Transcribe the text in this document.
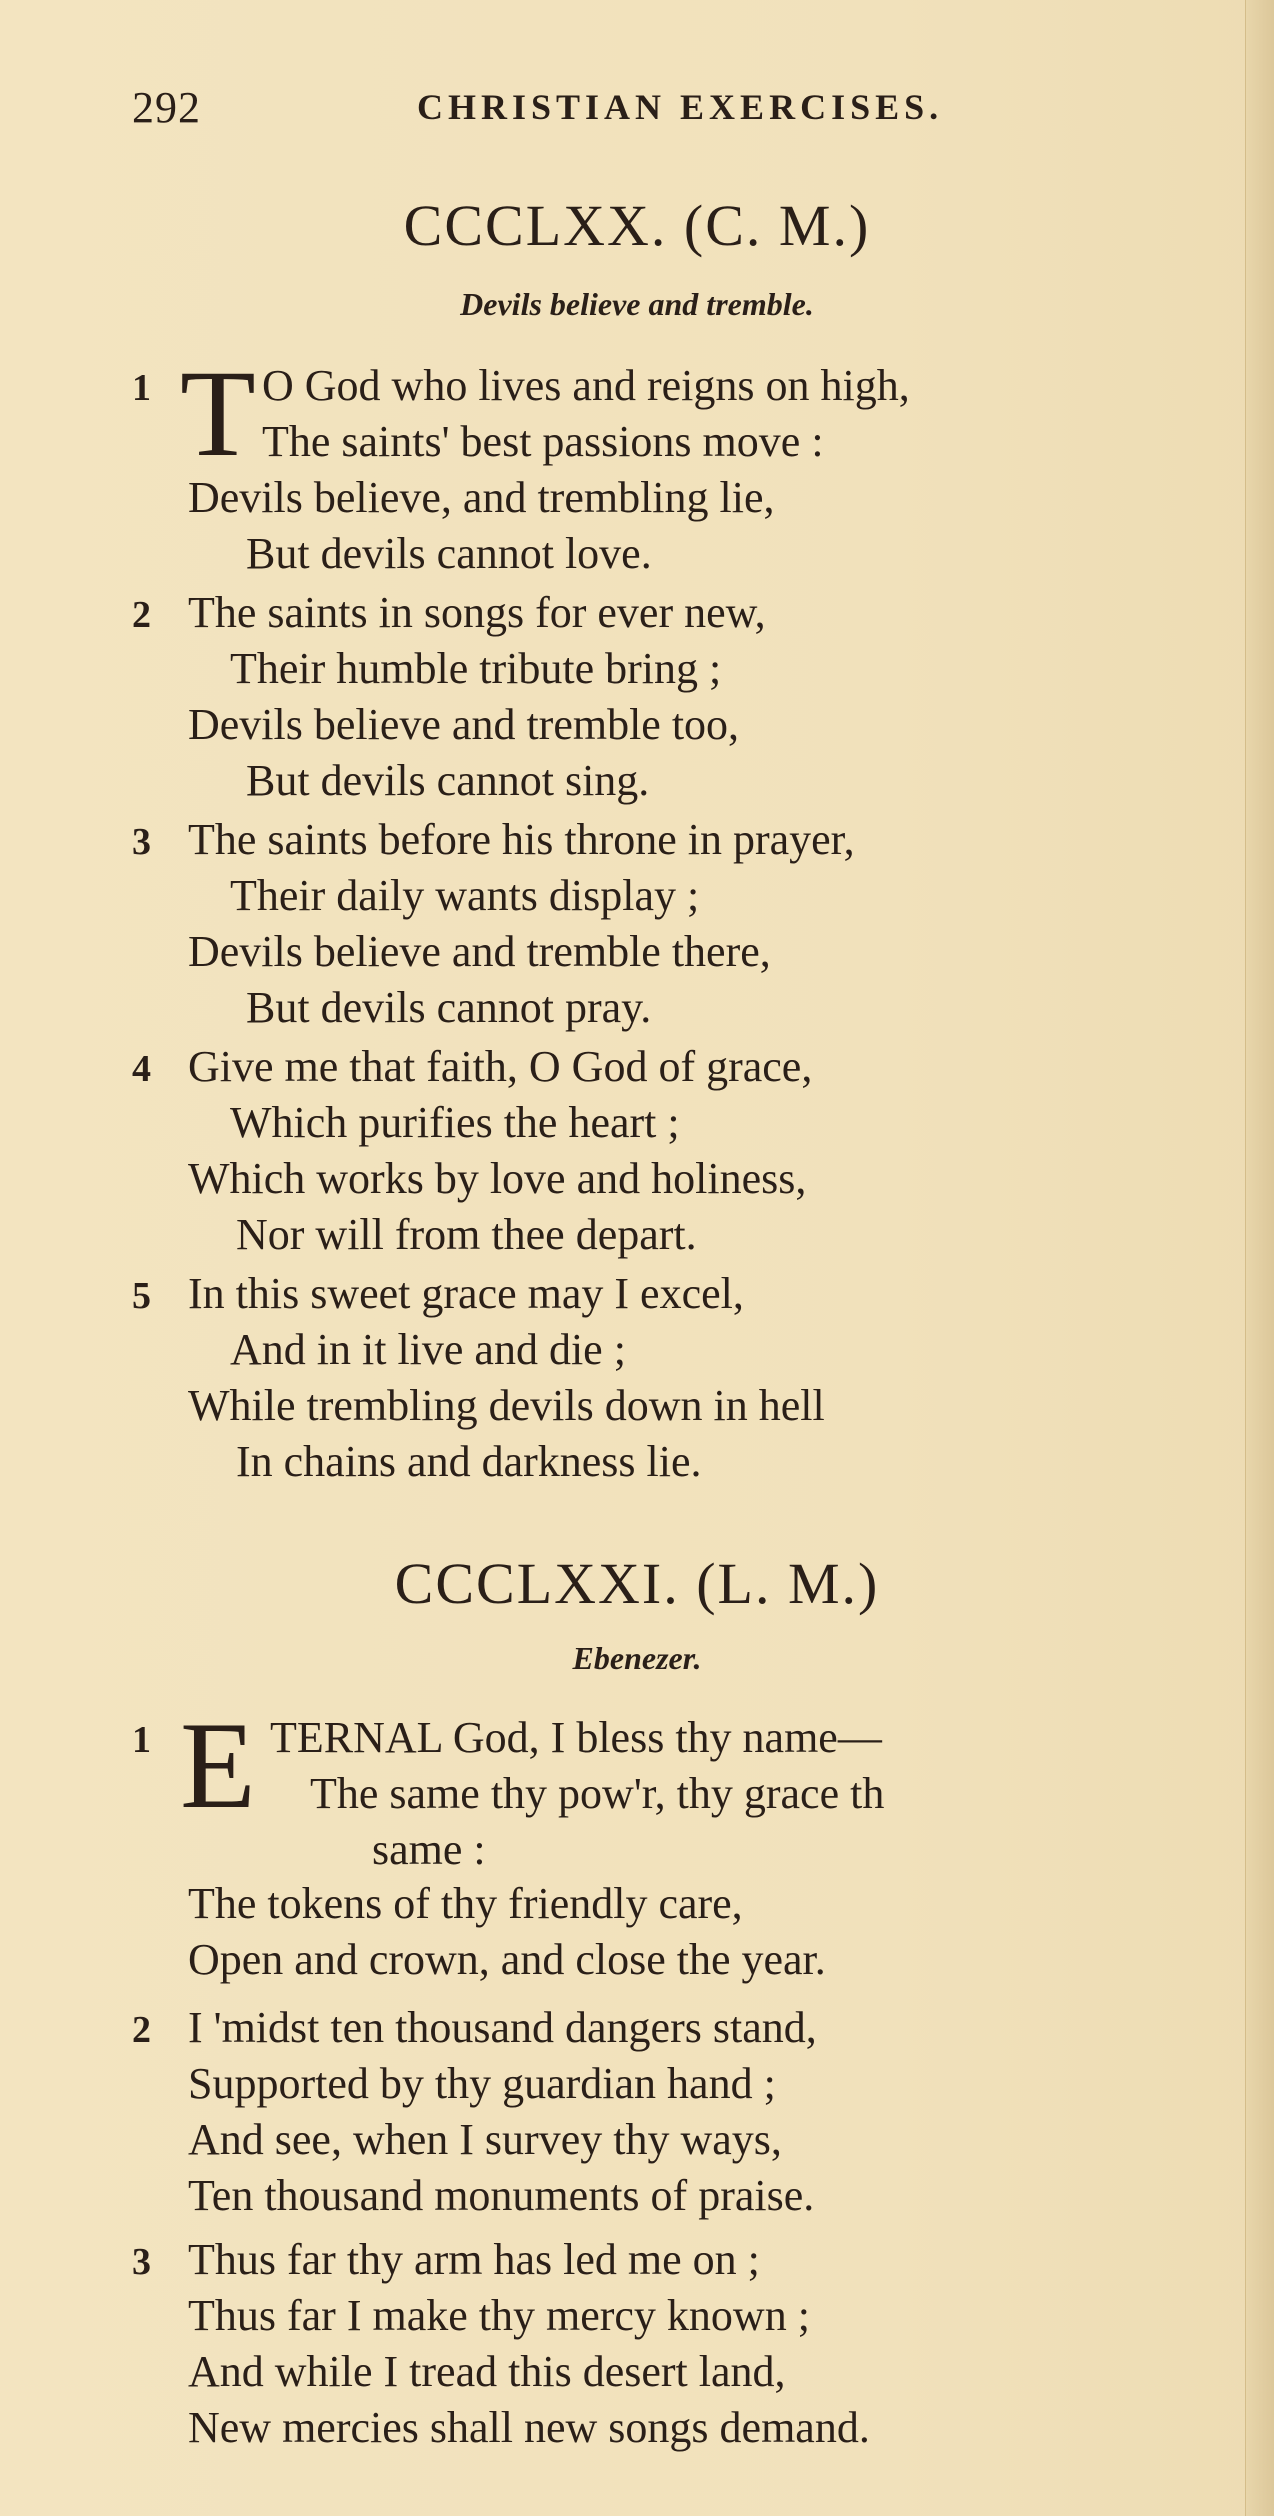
292	CHRISTIAN EXERCISES.
CCCLXX. (C. M.)
Devils believe and tremble.
1 T O God who lives and reigns on high,
The saints' best passions move :
Devils believe, and trembling lie,
But devils cannot love.
2 The saints in songs for ever new,
Their humble tribute bring ;
Devils believe and tremble too,
But devils cannot sing.
3 The saints before his throne in prayer,
Their daily wants display ;
Devils believe and tremble there,
But devils cannot pray.
4 Give me that faith, O God of grace,
Which purifies the heart ;
Which works by love and holiness,
Nor will from thee depart.
5 In this sweet grace may I excel,
And in it live and die ;
While trembling devils down in hell
In chains and darkness lie.
CCCLXXI. (L. M.)
Ebenezer.
1 E TERNAL God, I bless thy name—
The same thy pow'r, thy grace th
same :
The tokens of thy friendly care,
Open and crown, and close the year.
2 I 'midst ten thousand dangers stand,
Supported by thy guardian hand ;
And see, when I survey thy ways,
Ten thousand monuments of praise.
3 Thus far thy arm has led me on ;
Thus far I make thy mercy known ;
And while I tread this desert land,
New mercies shall new songs demand.
